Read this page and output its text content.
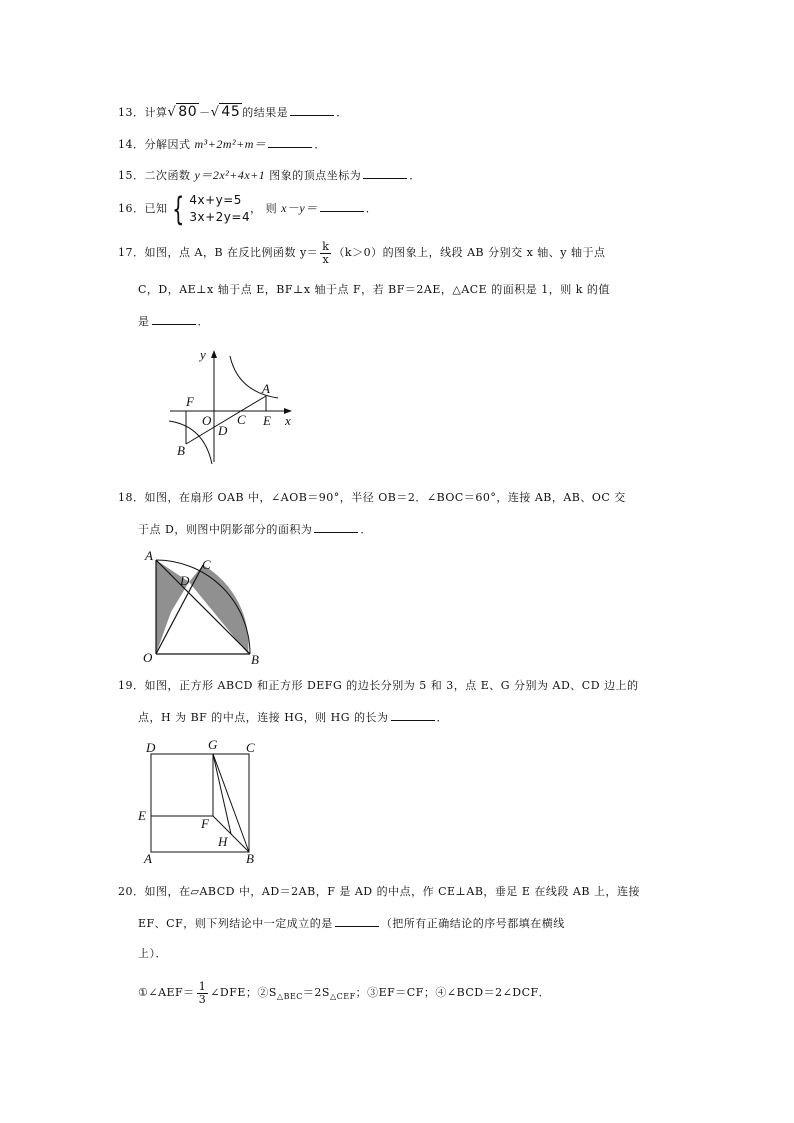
13．计算√ 80 －√ 45 的结果是	．
14．分解因式 m³+2m²+m＝	．
15．二次函数 y＝2x²+4x+1 图象的顶点坐标为	．
16．已知 { 4x+y=5
3x+2y=4
， 则 x－y＝	．
17．如图，点 A，B 在反比例函数 $y= \frac{k}{x} (k>0)$的图象上，线段 AB 分别交 x 轴、y 轴于点
C，D，AE⊥x 轴于点 E，BF⊥x 轴于点 F，若 BF＝2AE，△ACE 的面积是 1，则 k 的值
是	．
y
x
A
F
O C E
D
B
18．如图，在扇形 OAB 中，∠AOB＝90°，半径 OB＝2．∠BOC＝60°，连接 AB，AB、OC 交
于点 D，则图中阴影部分的面积为	．
A
C
D
O	B
19．如图，正方形 ABCD 和正方形 DEFG 的边长分别为 5 和 3，点 E、G 分别为 AD、CD 边上的
点，H 为 BF 的中点，连接 HG，则 HG 的长为	．
D	G C
E
F
H
A	B
20．如图，在▱ABCD 中，AD＝2AB，F 是 AD 的中点，作 CE⊥AB，垂足 E 在线段 AB 上，连接
EF、CF，则下列结论中一定成立的是	（把所有正确结论的序号都填在横线
上）．
①∠AEF＝ $\frac{1}{3}$ ∠DFE；$②S_{\triangle BEC}=2S_{\triangle CEF}$；③EF＝CF；④∠BCD＝2∠DCF．
